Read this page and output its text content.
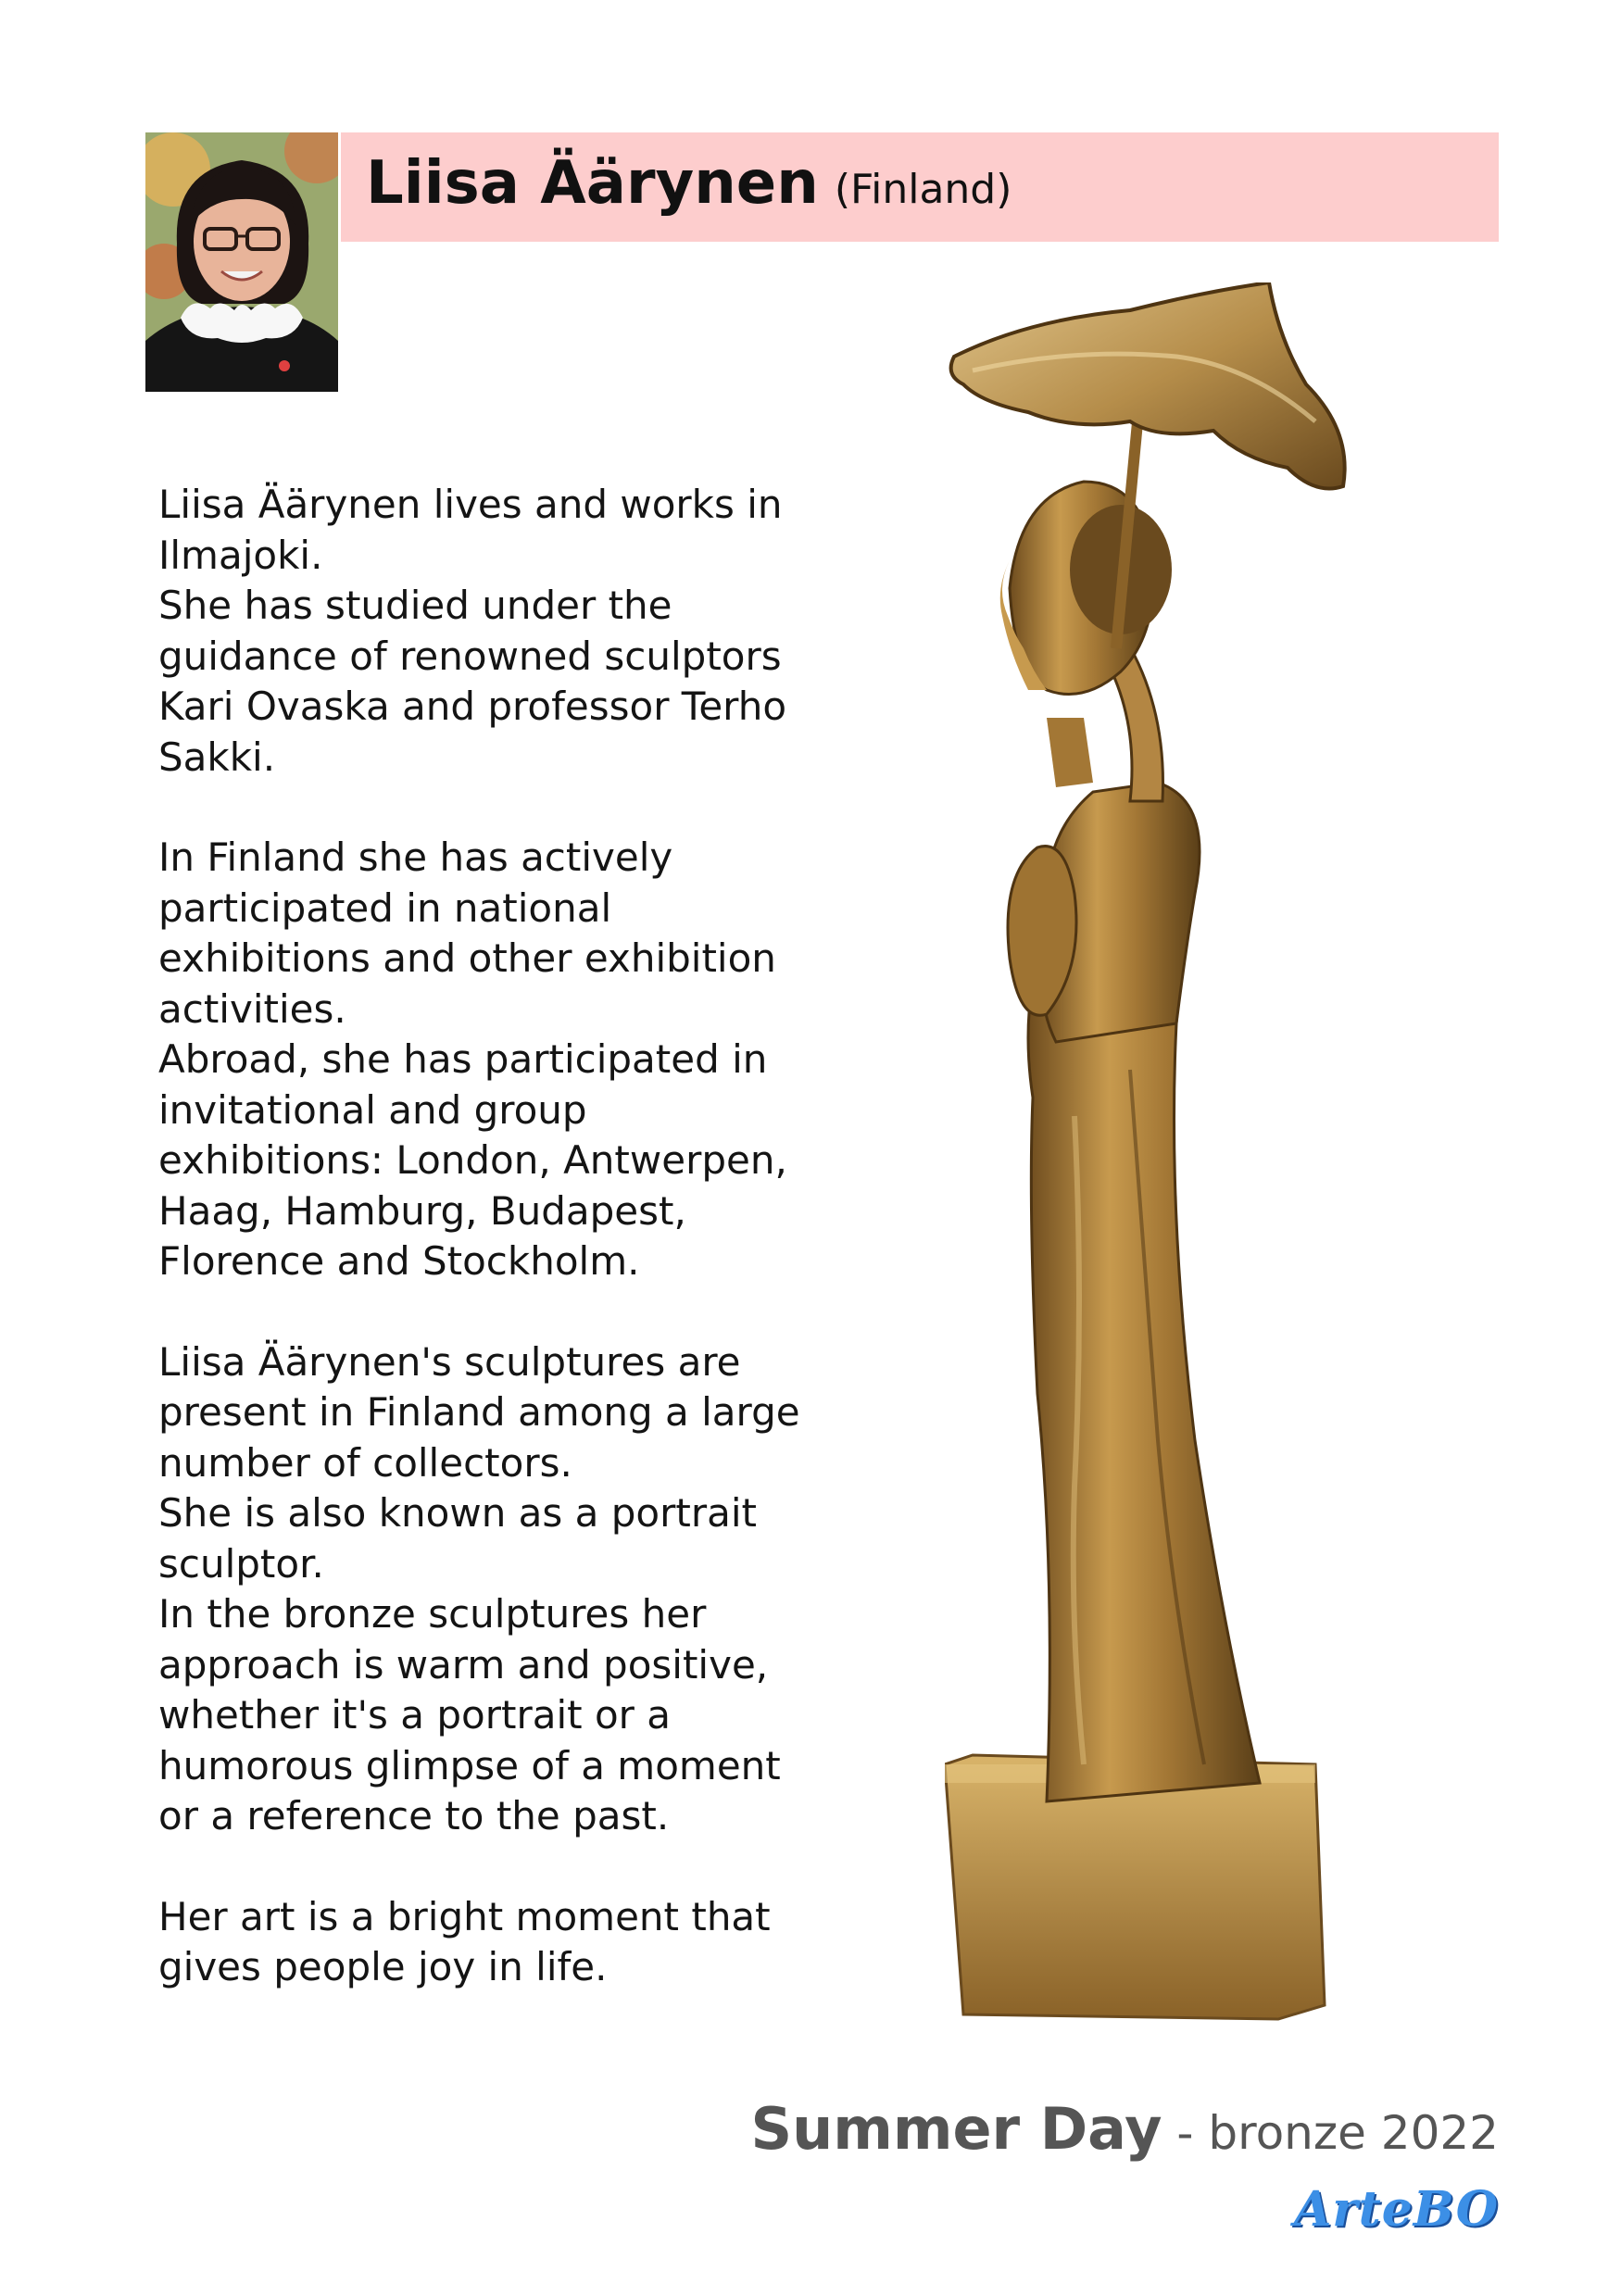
Liisa Äärynen (Finland)

Liisa Äärynen lives and works in
Ilmajoki.
She has studied under the
guidance of renowned sculptors
Kari Ovaska and professor Terho
Sakki.

In Finland she has actively
participated in national
exhibitions and other exhibition
activities.
Abroad, she has participated in
invitational and group
exhibitions: London, Antwerpen,
Haag, Hamburg, Budapest,
Florence and Stockholm.

Liisa Äärynen's sculptures are
present in Finland among a large
number of collectors.
She is also known as a portrait
sculptor.
In the bronze sculptures her
approach is warm and positive,
whether it's a portrait or a
humorous glimpse of a moment
or a reference to the past.

Her art is a bright moment that
gives people joy in life.

Summer Day - bronze 2022
ArteBO
